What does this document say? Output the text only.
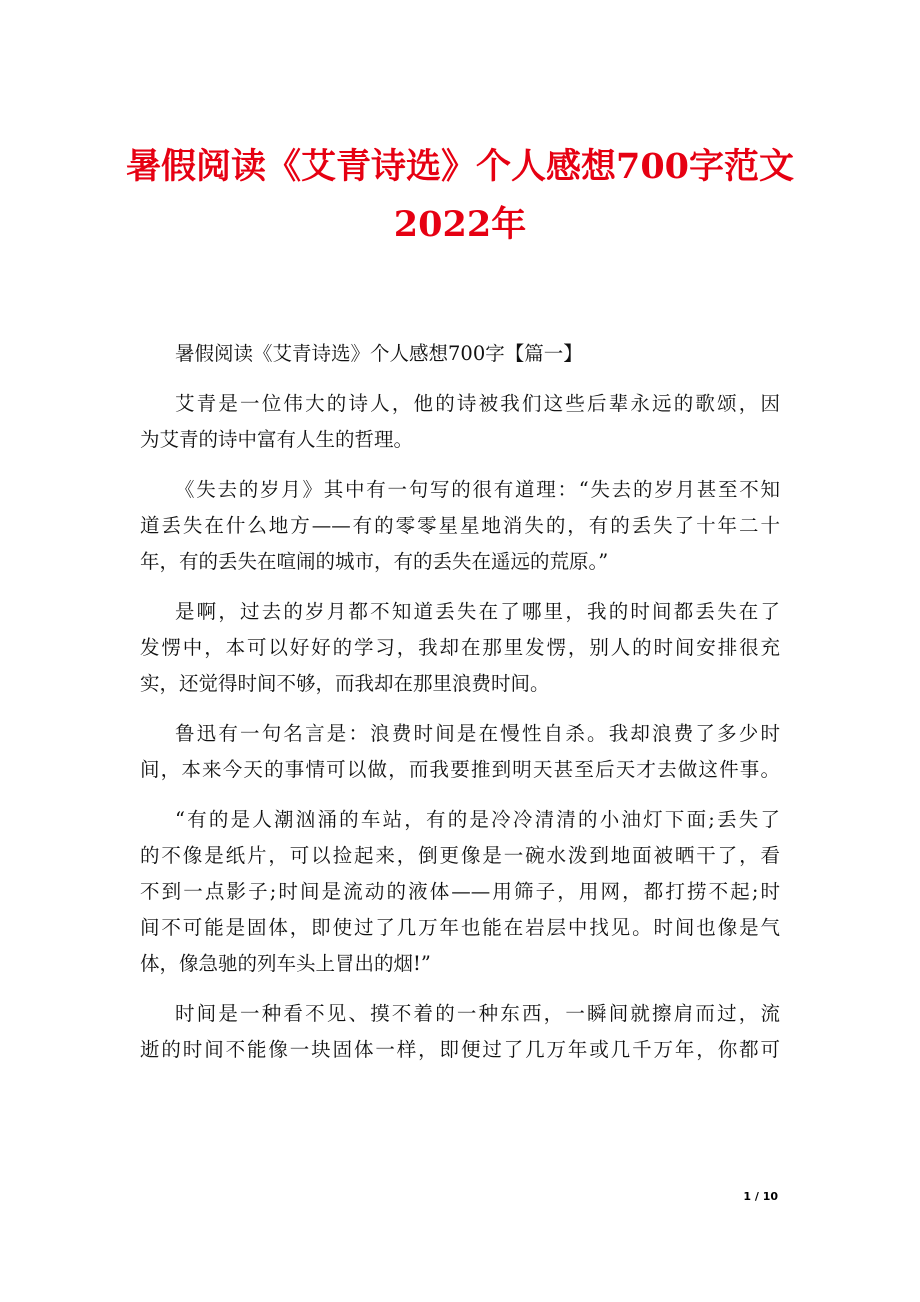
暑假阅读《艾青诗选》个人感想700字范文
2022年
暑假阅读《艾青诗选》个人感想700字【篇一】
艾青是一位伟大的诗人，他的诗被我们这些后辈永远的歌颂，因
为艾青的诗中富有人生的哲理。
《失去的岁月》其中有一句写的很有道理：“失去的岁月甚至不知
道丢失在什么地方——有的零零星星地消失的，有的丢失了十年二十
年，有的丢失在喧闹的城市，有的丢失在遥远的荒原。”
是啊，过去的岁月都不知道丢失在了哪里，我的时间都丢失在了
发愣中，本可以好好的学习，我却在那里发愣，别人的时间安排很充
实，还觉得时间不够，而我却在那里浪费时间。
鲁迅有一句名言是：浪费时间是在慢性自杀。我却浪费了多少时
间，本来今天的事情可以做，而我要推到明天甚至后天才去做这件事。
“有的是人潮汹涌的车站，有的是冷冷清清的小油灯下面;丢失了
的不像是纸片，可以捡起来，倒更像是一碗水泼到地面被晒干了，看
不到一点影子;时间是流动的液体——用筛子，用网，都打捞不起;时
间不可能是固体，即使过了几万年也能在岩层中找见。时间也像是气
体，像急驰的列车头上冒出的烟!”
时间是一种看不见、摸不着的一种东西，一瞬间就擦肩而过，流
逝的时间不能像一块固体一样，即便过了几万年或几千万年，你都可
1 / 10
